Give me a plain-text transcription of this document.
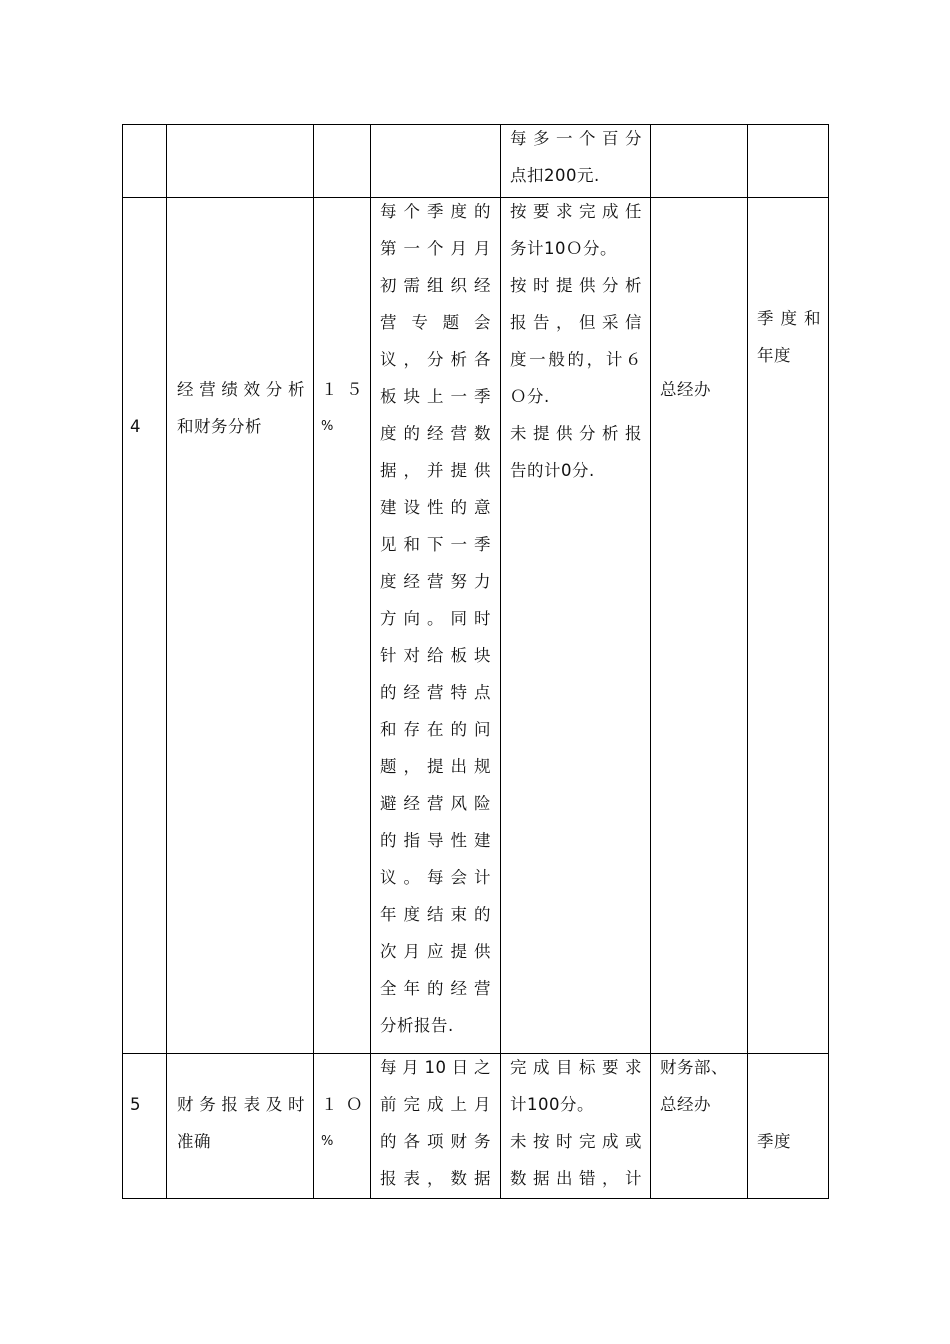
每多一个百分
点扣200元.
4
经营绩效分析
和财务分析
１５
%
每个季度的
第一个月月
初需组织经
营专题会
议，分析各
板块上一季
度的经营数
据，并提供
建设性的意
见和下一季
度经营努力
方向。同时
针对给板块
的经营特点
和存在的问
题，提出规
避经营风险
的指导性建
议。每会计
年度结束的
次月应提供
全年的经营
分析报告.
按要求完成任
务计10Ｏ分。
按时提供分析
报告，但采信
度一般的，计６
Ｏ分.
未提供分析报
告的计0分.
总经办
季度和
年度
5 财务报表及时
准确
１Ｏ
%
每月10日之
前完成上月
的各项财务
报表，数据
完成目标要求
计100分。
未按时完成或
数据出错，计
财务部、
总经办
季度
